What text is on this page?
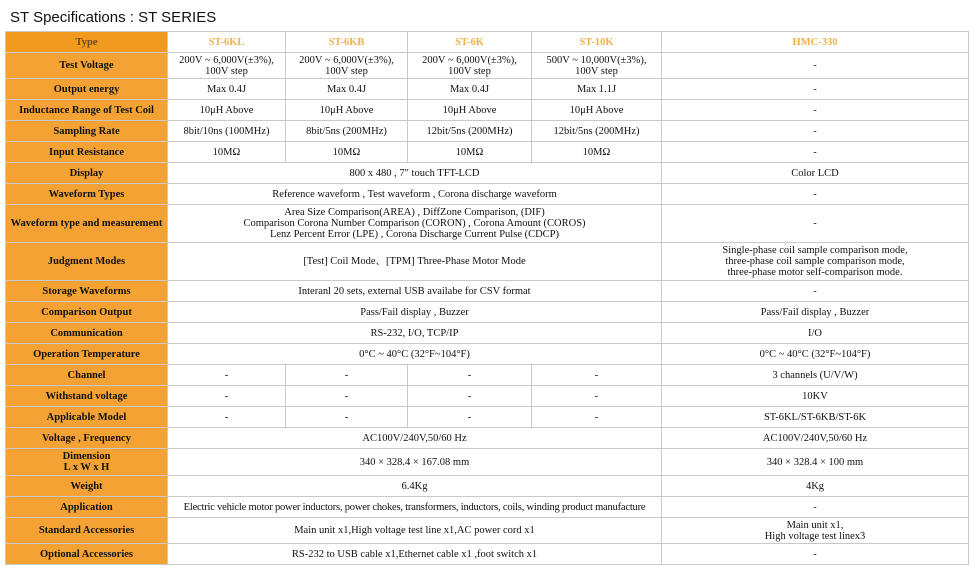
ST Specifications : ST SERIES
Type	ST-6KL	ST-6KB	ST-6K	ST-10K	HMC-330
Test Voltage	200V ~ 6,000V(±3%), 100V step	200V ~ 6,000V(±3%), 100V step	200V ~ 6,000V(±3%), 100V step	500V ~ 10,000V(±3%), 100V step	-
Output energy	Max 0.4J	Max 0.4J	Max 0.4J	Max 1.1J	-
Inductance Range of Test Coil	10μH Above	10μH Above	10μH Above	10μH Above	-
Sampling Rate	8bit/10ns (100MHz)	8bit/5ns (200MHz)	12bit/5ns (200MHz)	12bit/5ns (200MHz)	-
Input Resistance	10MΩ	10MΩ	10MΩ	10MΩ	-
Display	800 x 480 , 7" touch TFT-LCD				Color LCD
Waveform Types	Reference waveform , Test waveform , Corona discharge waveform				-
Waveform type and measurement	Area Size Comparison(AREA) , DiffZone Comparison, (DIF)
Comparison Corona Number Comparison (CORON) , Corona Amount (COROS)
Lenz Percent Error (LPE) , Corona Discharge Current Pulse (CDCP)				-
Judgment Modes	[Test] Coil Mode、[TPM] Three-Phase Motor Mode				Single-phase coil sample comparison mode,
three-phase coil sample comparison mode,
three-phase motor self-comparison mode.

Storage Waveforms	Interanl 20 sets, external USB availabe for CSV format				-
Comparison Output	Pass/Fail display , Buzzer				Pass/Fail display , Buzzer
Communication	RS-232, I/O, TCP/IP				I/O
Operation Temperature	0°C ~ 40°C (32°F~104°F)				0°C ~ 40°C (32°F~104°F)
Channel	-	-	-	-	3 channels (U/V/W)
Withstand voltage	-	-	-	-	10KV
Applicable Model	-	-	-	-	ST-6KL/ST-6KB/ST-6K
Voltage , Frequency	AC100V/240V,50/60 Hz				AC100V/240V,50/60 Hz

Dimension
L x W x H	340 × 328.4 × 167.08 mm				340 × 328.4 × 100 mm
Weight	6.4Kg				4Kg
Application	Electric vehicle motor power inductors, power chokes, transformers, inductors, coils, winding product manufacture				-
Standard Accessories	Main unit x1,High voltage test line x1,AC power cord x1				Main unit x1,
High voltage test linex3

Optional Accessories	RS-232 to USB cable x1,Ethernet cable x1 ,foot switch x1				-
